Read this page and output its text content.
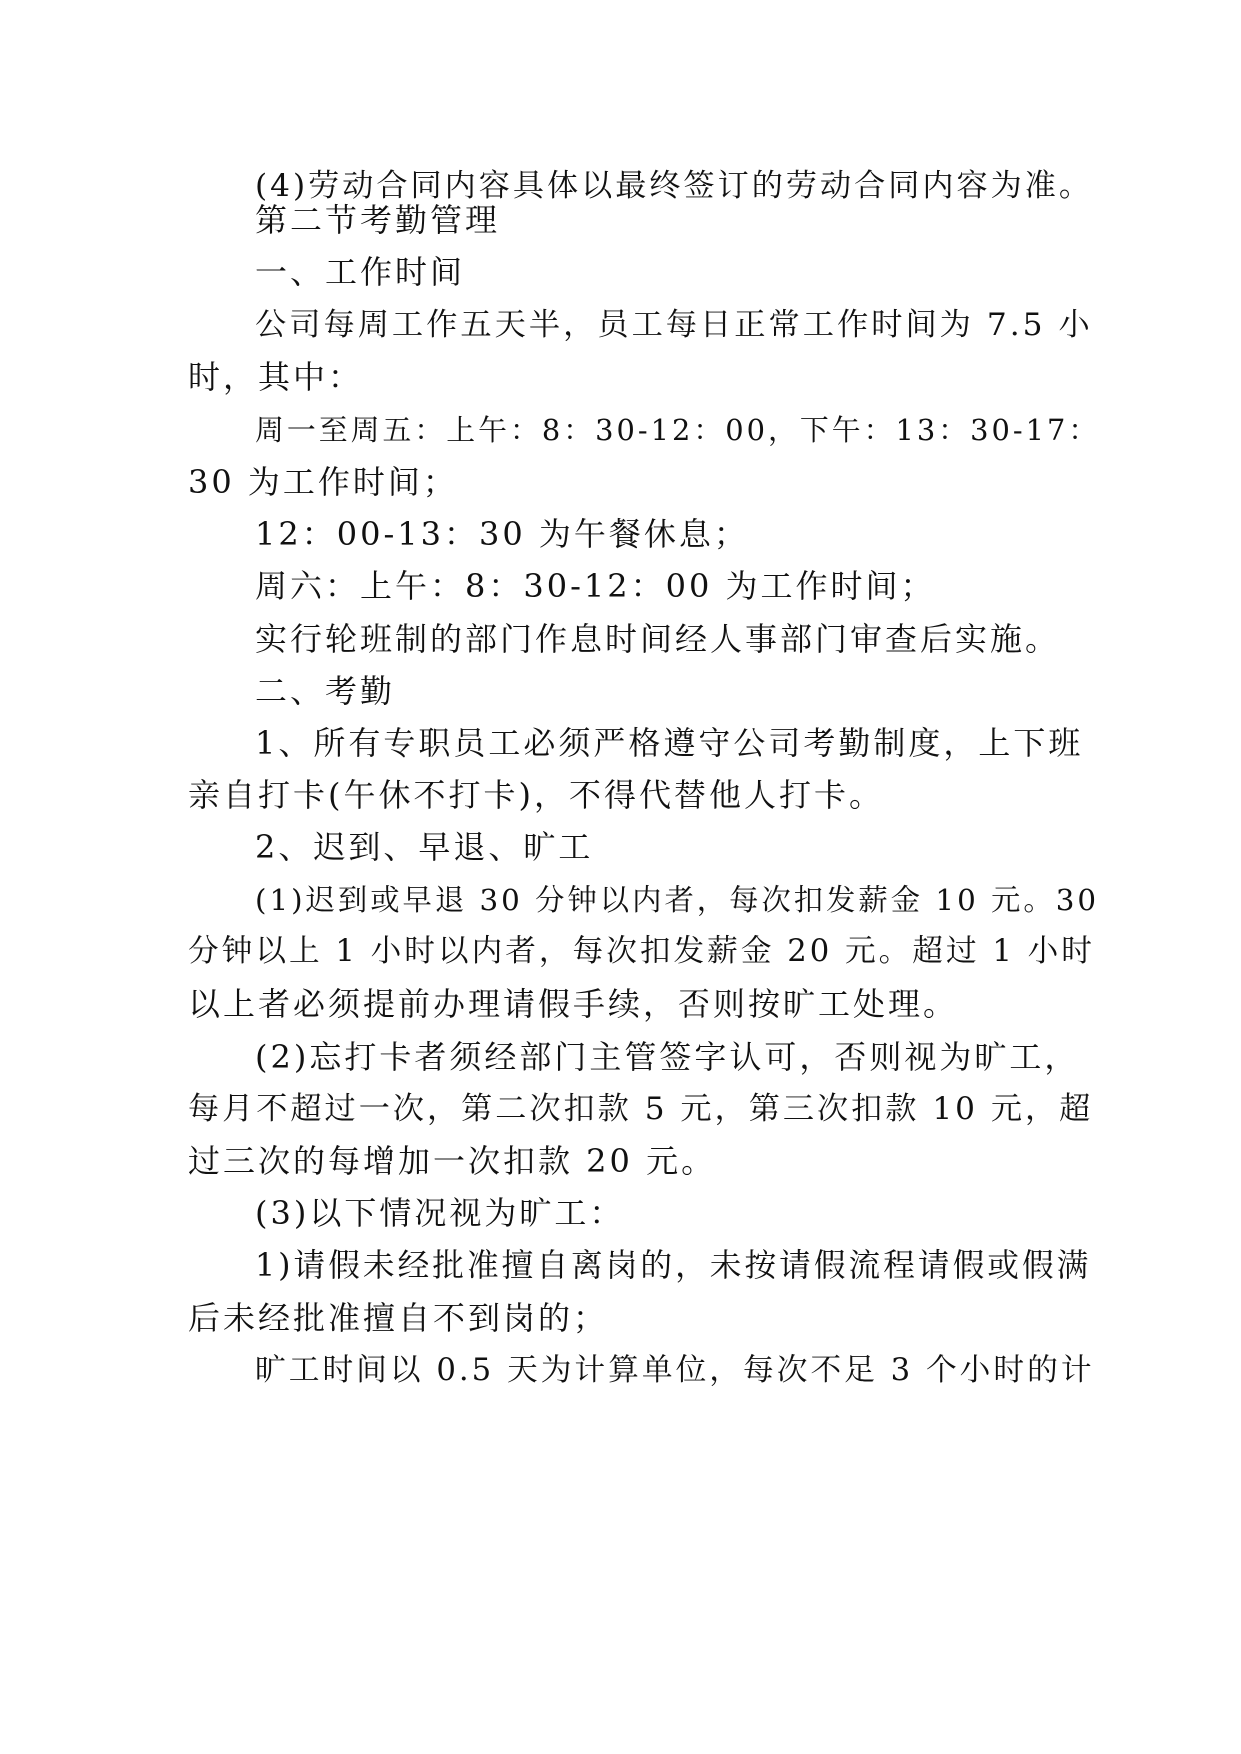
(4)劳动合同内容具体以最终签订的劳动合同内容为准。
第二节考勤管理
一、工作时间
公司每周工作五天半，员工每日正常工作时间为 7.5 小
时，其中：
周一至周五：上午：8：30-12：00，下午：13：30-17：
30 为工作时间；
12：00-13：30 为午餐休息；
周六：上午：8：30-12：00 为工作时间；
实行轮班制的部门作息时间经人事部门审查后实施。
二、考勤
1、所有专职员工必须严格遵守公司考勤制度，上下班
亲自打卡(午休不打卡)，不得代替他人打卡。
2、迟到、早退、旷工
(1)迟到或早退 30 分钟以内者，每次扣发薪金 10 元。30
分钟以上 1 小时以内者，每次扣发薪金 20 元。超过 1 小时
以上者必须提前办理请假手续，否则按旷工处理。
(2)忘打卡者须经部门主管签字认可，否则视为旷工，
每月不超过一次，第二次扣款 5 元，第三次扣款 10 元，超
过三次的每增加一次扣款 20 元。
(3)以下情况视为旷工：
1)请假未经批准擅自离岗的，未按请假流程请假或假满
后未经批准擅自不到岗的；
旷工时间以 0.5 天为计算单位，每次不足 3 个小时的计
